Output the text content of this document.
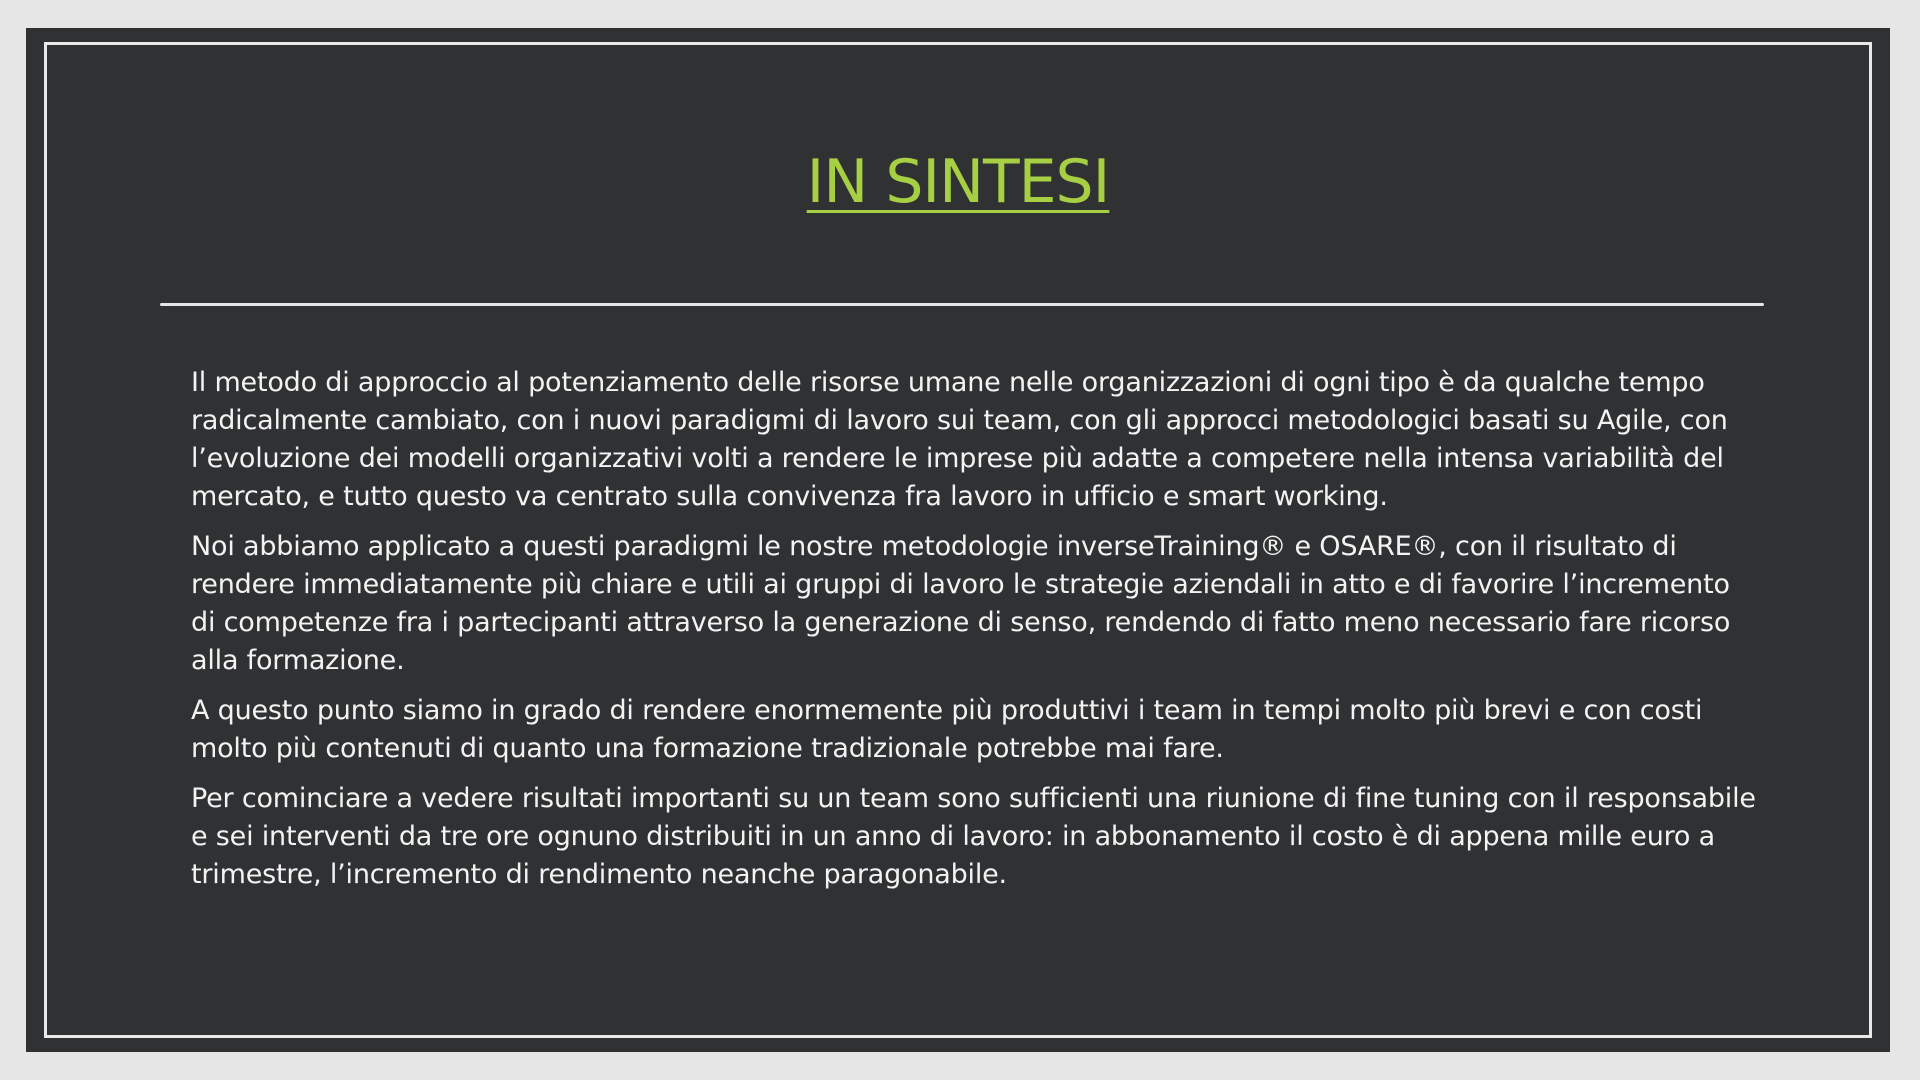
IN SINTESI

Il metodo di approccio al potenziamento delle risorse umane nelle organizzazioni di ogni tipo è da qualche tempo radicalmente cambiato, con i nuovi paradigmi di lavoro sui team, con gli approcci metodologici basati su Agile, con l’evoluzione dei modelli organizzativi volti a rendere le imprese più adatte a competere nella intensa variabilità del mercato, e tutto questo va centrato sulla convivenza fra lavoro in ufficio e smart working.

Noi abbiamo applicato a questi paradigmi le nostre metodologie inverseTraining® e OSARE®, con il risultato di rendere immediatamente più chiare e utili ai gruppi di lavoro le strategie aziendali in atto e di favorire l’incremento di competenze fra i partecipanti attraverso la generazione di senso, rendendo di fatto meno necessario fare ricorso alla formazione.

A questo punto siamo in grado di rendere enormemente più produttivi i team in tempi molto più brevi e con costi molto più contenuti di quanto una formazione tradizionale potrebbe mai fare.

Per cominciare a vedere risultati importanti su un team sono sufficienti una riunione di fine tuning con il responsabile e sei interventi da tre ore ognuno distribuiti in un anno di lavoro: in abbonamento il costo è di appena mille euro a trimestre, l’incremento di rendimento neanche paragonabile.
